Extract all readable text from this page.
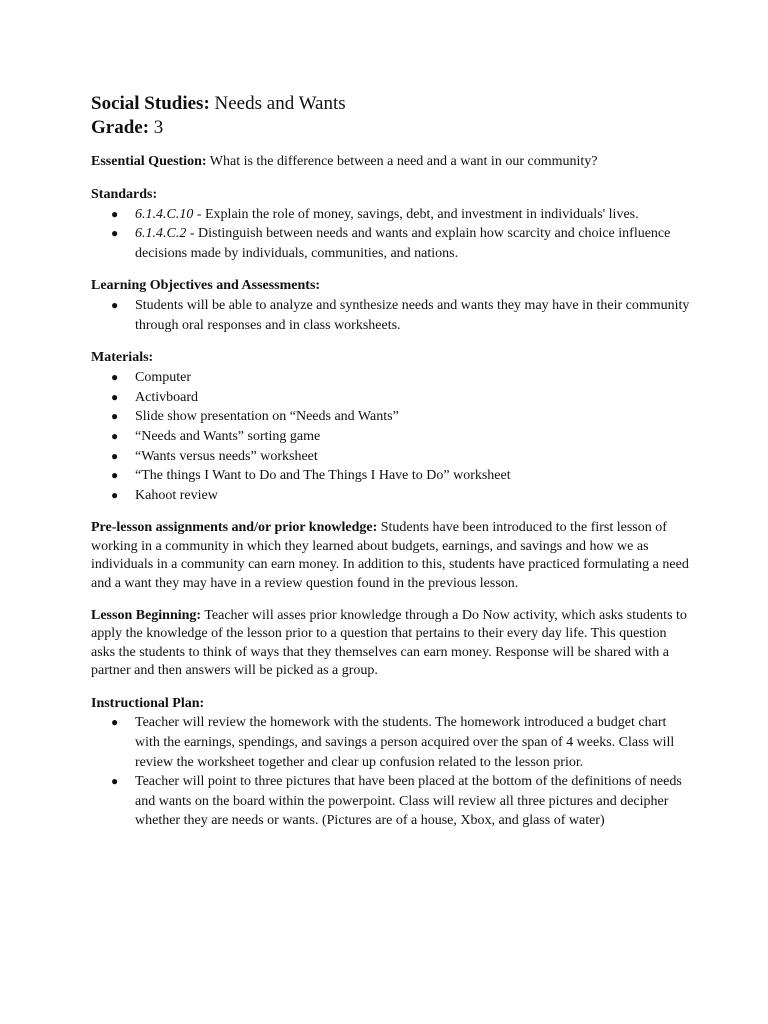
Social Studies: Needs and Wants
Grade: 3
Essential Question: What is the difference between a need and a want in our community?
Standards:
● 6.1.4.C.10 - Explain the role of money, savings, debt, and investment in individuals' lives.
● 6.1.4.C.2 - Distinguish between needs and wants and explain how scarcity and choice influence decisions made by individuals, communities, and nations.
Learning Objectives and Assessments:
● Students will be able to analyze and synthesize needs and wants they may have in their community through oral responses and in class worksheets.
Materials:
● Computer
● Activboard
● Slide show presentation on “Needs and Wants”
● “Needs and Wants” sorting game
● “Wants versus needs” worksheet
● “The things I Want to Do and The Things I Have to Do” worksheet
● Kahoot review
Pre-lesson assignments and/or prior knowledge: Students have been introduced to the first lesson of working in a community in which they learned about budgets, earnings, and savings and how we as individuals in a community can earn money. In addition to this, students have practiced formulating a need and a want they may have in a review question found in the previous lesson.
Lesson Beginning: Teacher will asses prior knowledge through a Do Now activity, which asks students to apply the knowledge of the lesson prior to a question that pertains to their every day life. This question asks the students to think of ways that they themselves can earn money. Response will be shared with a partner and then answers will be picked as a group.
Instructional Plan:
● Teacher will review the homework with the students. The homework introduced a budget chart with the earnings, spendings, and savings a person acquired over the span of 4 weeks. Class will review the worksheet together and clear up confusion related to the lesson prior.
● Teacher will point to three pictures that have been placed at the bottom of the definitions of needs and wants on the board within the powerpoint. Class will review all three pictures and decipher whether they are needs or wants. (Pictures are of a house, Xbox, and glass of water)
